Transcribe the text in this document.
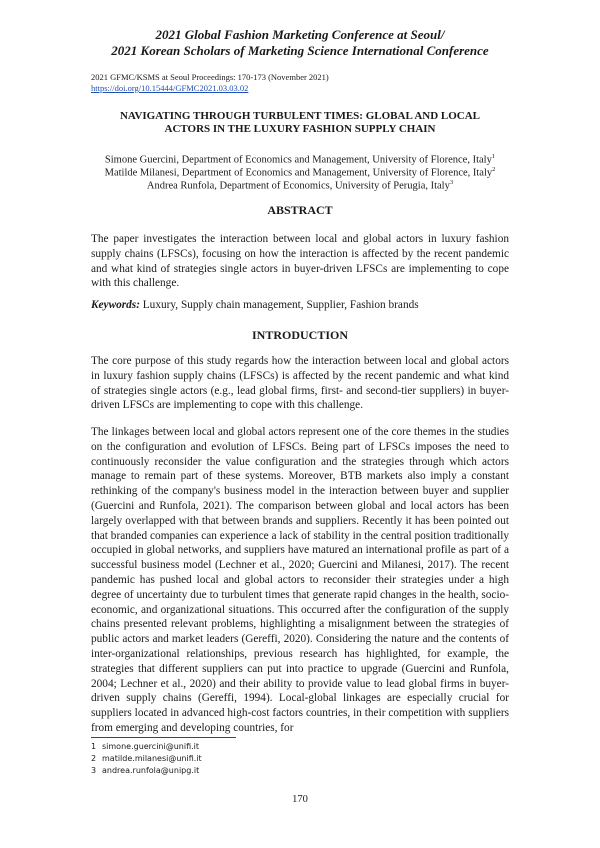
2021 Global Fashion Marketing Conference at Seoul/
2021 Korean Scholars of Marketing Science International Conference
2021 GFMC/KSMS at Seoul Proceedings: 170-173 (November 2021)
https://doi.org/10.15444/GFMC2021.03.03.02
NAVIGATING THROUGH TURBULENT TIMES: GLOBAL AND LOCAL
ACTORS IN THE LUXURY FASHION SUPPLY CHAIN
Simone Guercini, Department of Economics and Management, University of Florence, Italy$^1$
Matilde Milanesi, Department of Economics and Management, University of Florence, Italy$^2$
Andrea Runfola, Department of Economics, University of Perugia, Italy$^3$
ABSTRACT

The paper investigates the interaction between local and global actors in luxury fashion supply chains (LFSCs), focusing on how the interaction is affected by the recent pandemic and what kind of strategies single actors in buyer-driven LFSCs are implementing to cope with this challenge.

Keywords: Luxury, Supply chain management, Supplier, Fashion brands

INTRODUCTION

The core purpose of this study regards how the interaction between local and global actors in luxury fashion supply chains (LFSCs) is affected by the recent pandemic and what kind of strategies single actors (e.g., lead global firms, first- and second-tier suppliers) in buyer-driven LFSCs are implementing to cope with this challenge.

The linkages between local and global actors represent one of the core themes in the studies on the configuration and evolution of LFSCs. Being part of LFSCs imposes the need to continuously reconsider the value configuration and the strategies through which actors manage to remain part of these systems. Moreover, BTB markets also imply a constant rethinking of the company's business model in the interaction between buyer and supplier (Guercini and Runfola, 2021). The comparison between global and local actors has been largely overlapped with that between brands and suppliers. Recently it has been pointed out that branded companies can experience a lack of stability in the central position traditionally occupied in global networks, and suppliers have matured an international profile as part of a successful business model (Lechner et al., 2020; Guercini and Milanesi, 2017). The recent pandemic has pushed local and global actors to reconsider their strategies under a high degree of uncertainty due to turbulent times that generate rapid changes in the health, socio-economic, and organizational situations. This occurred after the configuration of the supply chains presented relevant problems, highlighting a misalignment between the strategies of public actors and market leaders (Gereffi, 2020). Considering the nature and the contents of inter-organizational relationships, previous research has highlighted, for example, the strategies that different suppliers can put into practice to upgrade (Guercini and Runfola, 2004; Lechner et al., 2020) and their ability to provide value to lead global firms in buyer-driven supply chains (Gereffi, 1994). Local-global linkages are especially crucial for suppliers located in advanced high-cost factors countries, in their competition with suppliers from emerging and developing countries, for

1 simone.guercini@unifi.it
2 matilde.milanesi@unifi.it
3 andrea.runfola@unipg.it
170
